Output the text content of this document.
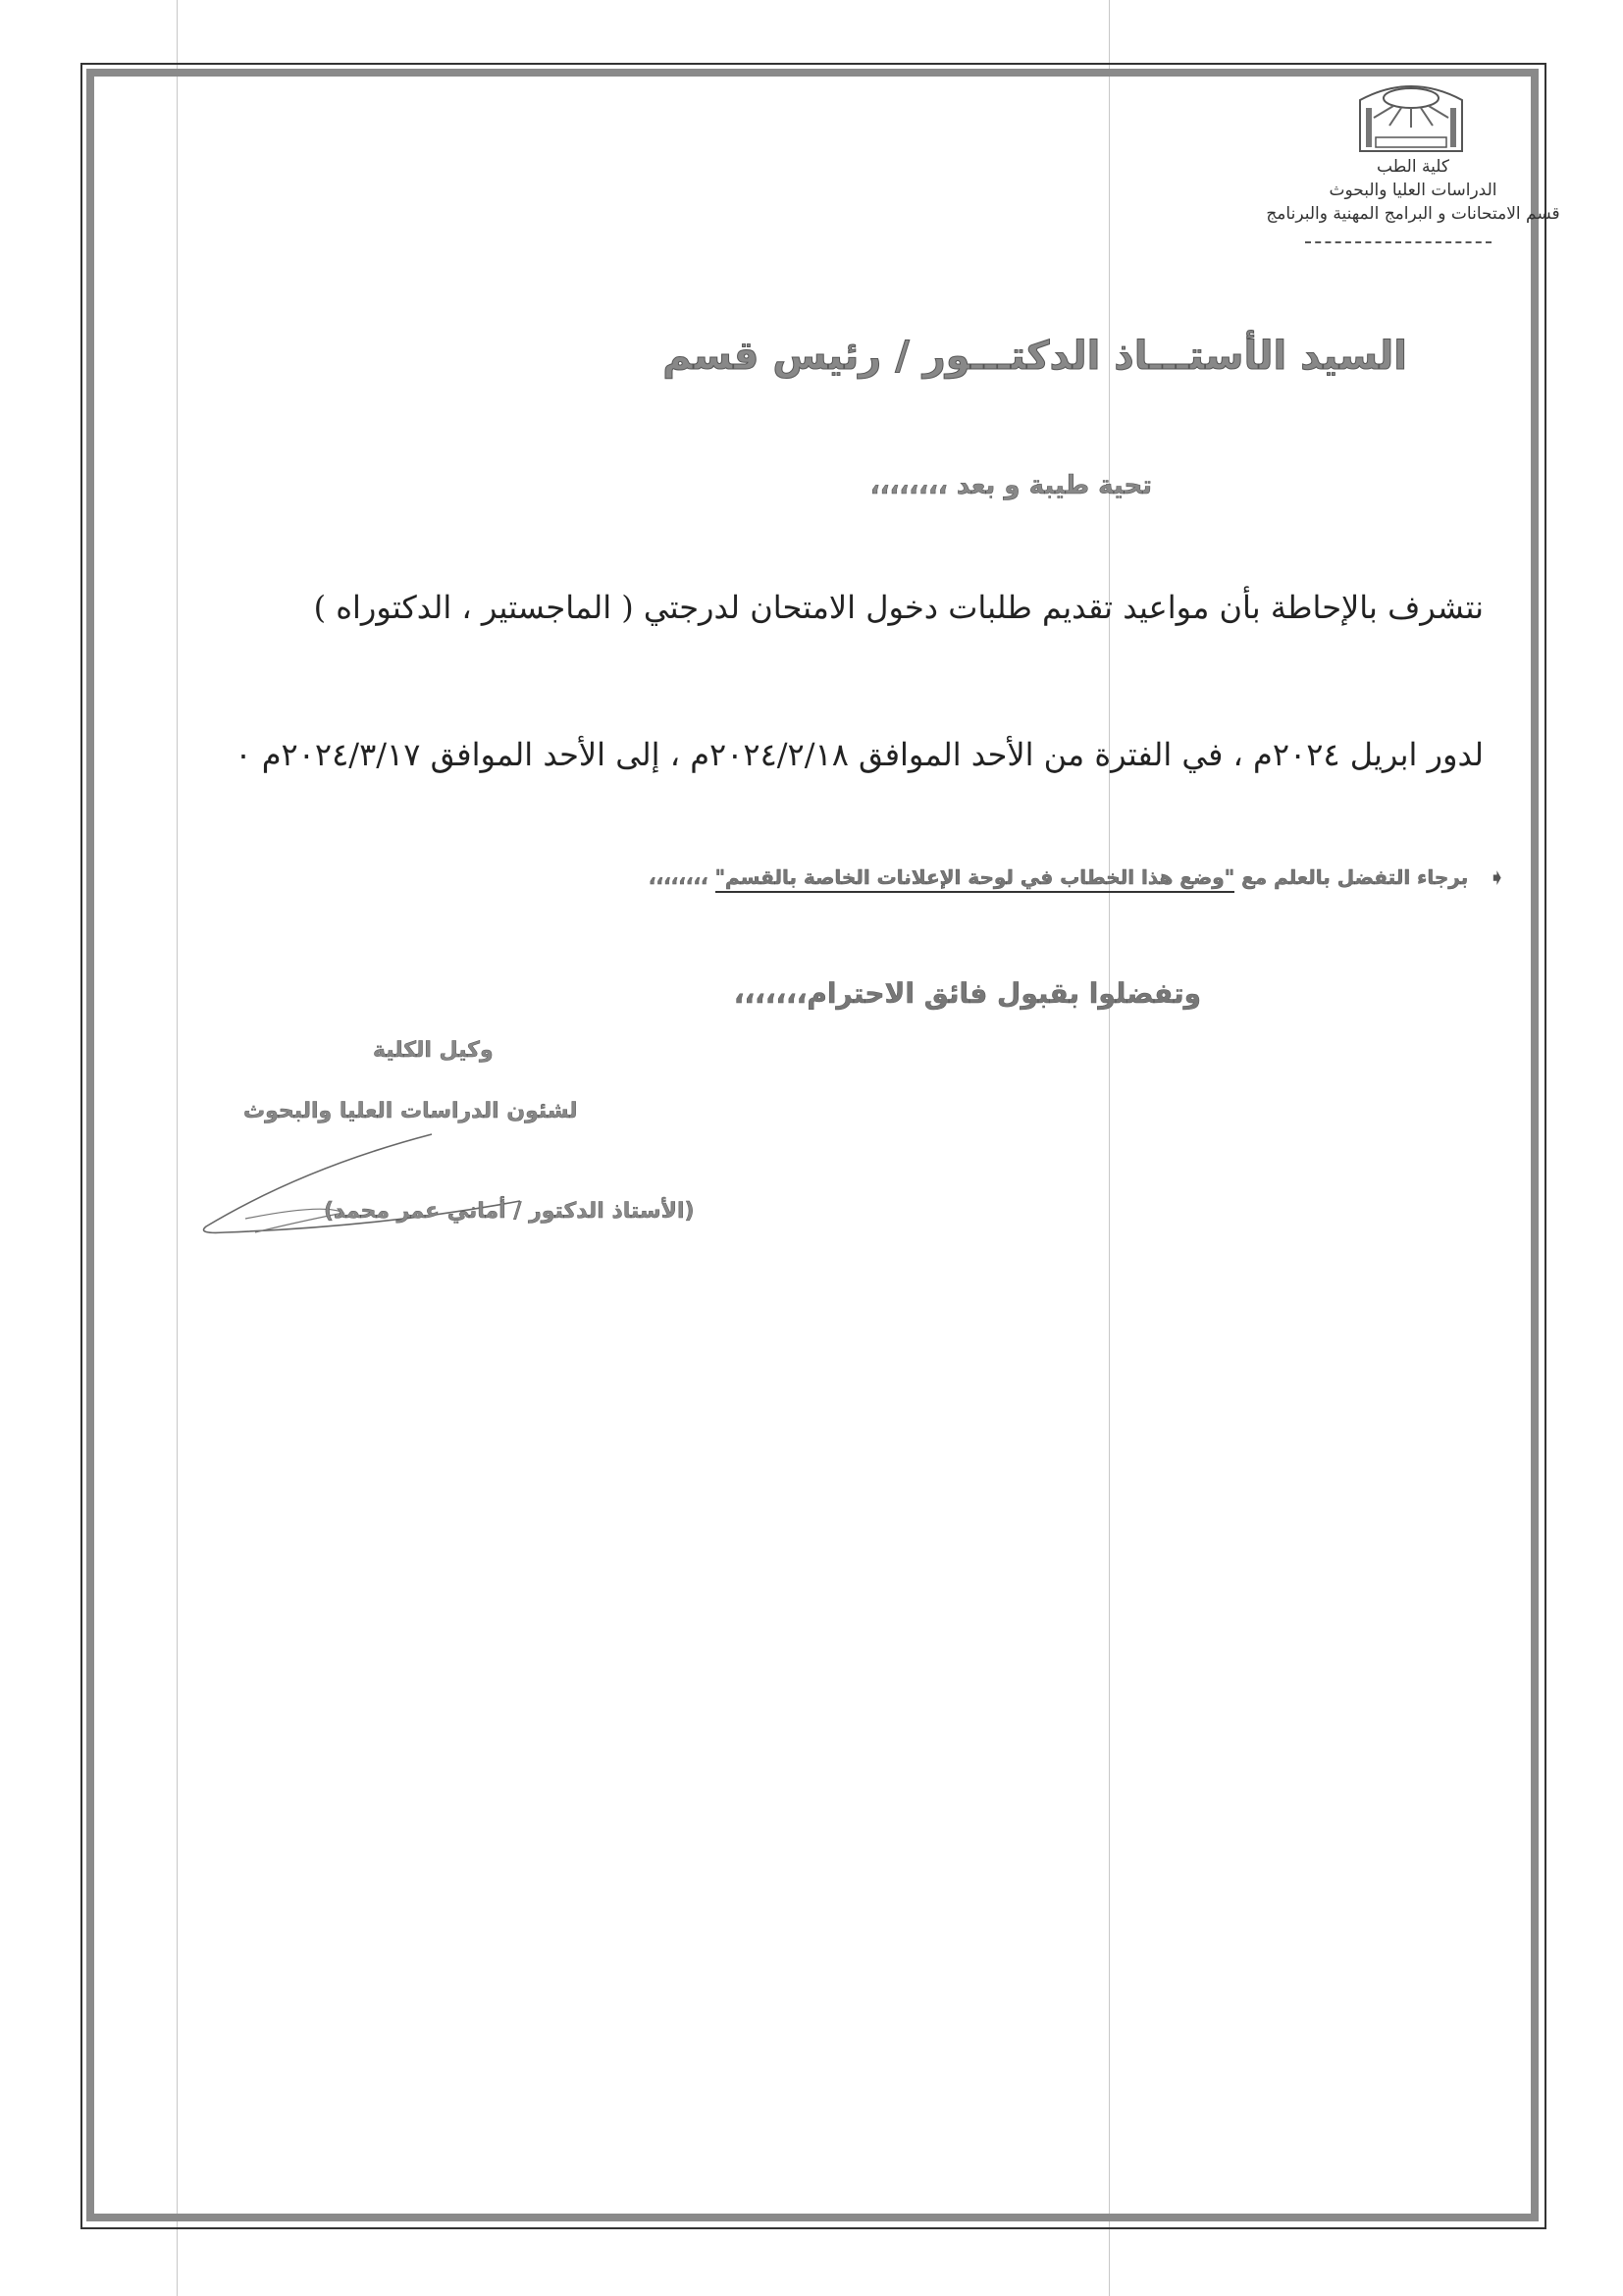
كلية الطب
الدراسات العليا والبحوث
قسم الامتحانات و البرامج المهنية والبرنامج
السيد الأستـــاذ الدكتـــور / رئيس قسم
تحية طيبة و بعد ،،،،،،،،
نتشرف بالإحاطة بأن مواعيد تقديم طلبات دخول الامتحان لدرجتي ( الماجستير ، الدكتوراه )
لدور ابريل ٢٠٢٤م ، في الفترة من الأحد الموافق ٢٠٢٤/٢/١٨م ، إلى الأحد الموافق ٢٠٢٤/٣/١٧م ٠
➧ برجاء التفضل بالعلم مع "وضع هذا الخطاب في لوحة الإعلانات الخاصة بالقسم" ،،،،،،،،
وتفضلوا بقبول فائق الاحترام،،،،،،،
وكيل الكلية
لشئون الدراسات العليا والبحوث
(الأستاذ الدكتور / أماني عمر محمد)
